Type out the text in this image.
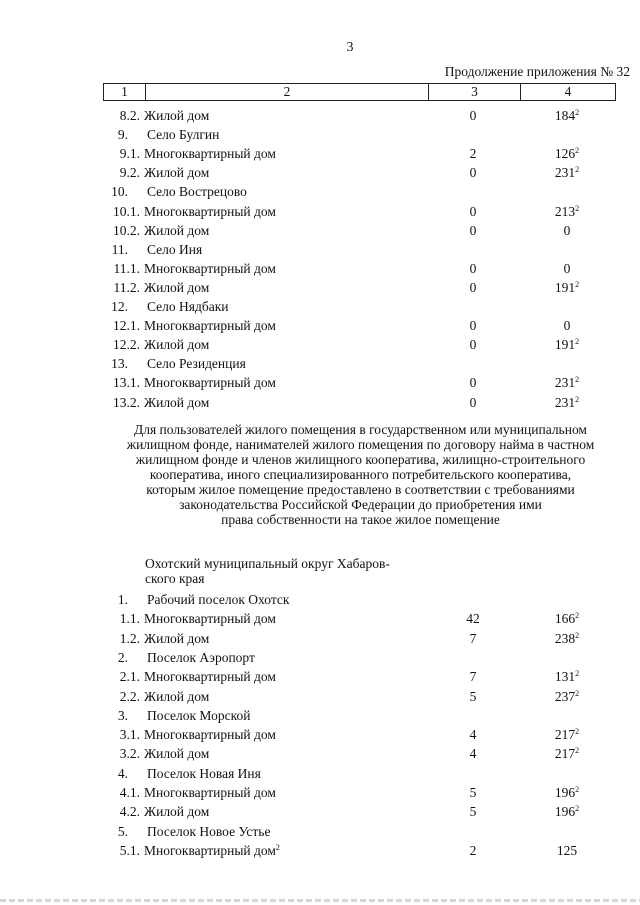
3
Продолжение приложения № 32
1	2	3	4
8.2. Жилой дом	0	$184^2$
9. Село Булгин
9.1. Многоквартирный дом	2	$126^2$
9.2. Жилой дом	0	$231^2$
10. Село Вострецово
10.1. Многоквартирный дом	0	$213^2$
10.2. Жилой дом	0	0
11. Село Иня
11.1. Многоквартирный дом	0	0
11.2. Жилой дом	0	$191^2$
12. Село Нядбаки
12.1. Многоквартирный дом	0	0
12.2. Жилой дом	0	$191^2$
13. Село Резиденция
13.1. Многоквартирный дом	0	$231^2$
13.2. Жилой дом	0	$231^2$
Для пользователей жилого помещения в государственном или муниципальном
жилищном фонде, нанимателей жилого помещения по договору найма в частном
жилищном фонде и членов жилищного кооператива, жилищно-строительного
кооператива, иного специализированного потребительского кооператива,
которым жилое помещение предоставлено в соответствии с требованиями
законодательства Российской Федерации до приобретения ими
права собственности на такое жилое помещение
Охотский муниципальный округ Хабаров-
ского края
1. Рабочий поселок Охотск
1.1. Многоквартирный дом	42	$166^2$
1.2. Жилой дом	7	$238^2$
2. Поселок Аэропорт
2.1. Многоквартирный дом	7	$131^2$
2.2. Жилой дом	5	$237^2$
3. Поселок Морской
3.1. Многоквартирный дом	4	$217^2$
3.2. Жилой дом	4	$217^2$
4. Поселок Новая Иня
4.1. Многоквартирный дом	5	$196^2$
4.2. Жилой дом	5	$196^2$
5. Поселок Новое Устье
5.1. Многоквартирный дом$^2$	2	125
